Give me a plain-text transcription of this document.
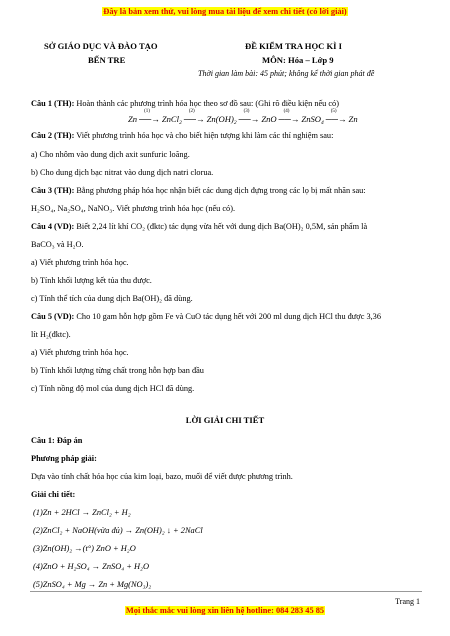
Đây là bản xem thử, vui lòng mua tài liệu để xem chi tiết (có lời giải)
SỞ GIÁO DỤC VÀ ĐÀO TẠO
BẾN TRE
ĐỀ KIỂM TRA HỌC KÌ I
MÔN: Hóa – Lớp 9
Thời gian làm bài: 45 phút; không kể thời gian phát đề
Câu 1 (TH): Hoàn thành các phương trình hóa học theo sơ đồ sau: (Ghi rõ điều kiện nếu có)
Zn ──→
(1)
ZnCl$_2$ ──→
(2)
$Zn(OH)_2$ ──→
(3)
ZnO ──→
(4)
ZnSO$_4$ ──→
(5)
Zn
Câu 2 (TH): Viết phương trình hóa học và cho biết hiện tượng khi làm các thí nghiệm sau:
a) Cho nhôm vào dung dịch axit sunfuric loãng.
b) Cho dung dịch bạc nitrat vào dung dịch natri clorua.
Câu 3 (TH): Bằng phương pháp hóa học nhận biết các dung dịch đựng trong các lọ bị mất nhãn sau:
H₂SO₄, Na₂SO₄, NaNO₃. Viết phương trình hóa học (nếu có).
Câu 4 (VD): Biết 2,24 lít khí CO₂ (đktc) tác dụng vừa hết với dung dịch Ba(OH)₂ 0,5M, sản phẩm là
BaCO₃ và H₂O.
a) Viết phương trình hóa học.
b) Tính khối lượng kết tủa thu được.
c) Tính thể tích của dung dịch Ba(OH)₂ đã dùng.
Câu 5 (VD): Cho 10 gam hỗn hợp gồm Fe và CuO tác dụng hết với 200 ml dung dịch HCl thu được 3,36
lít H₂(đktc).
a) Viết phương trình hóa học.
b) Tính khối lượng từng chất trong hỗn hợp ban đầu
c) Tính nồng độ mol của dung dịch HCl đã dùng.
LỜI GIẢI CHI TIẾT
Câu 1: Đáp án
Phương pháp giải:
Dựa vào tính chất hóa học của kim loại, bazo, muối để viết được phương trình.
Giải chi tiết:
(1)Zn + 2HCl → ZnCl₂ + H₂
(2)ZnCl₂ + NaOH(vừa đủ) → Zn(OH)₂ ↓ + 2NaCl
(3)Zn(OH)₂ →(t°) ZnO + H₂O
(4)ZnO + H₂SO₄ → ZnSO₄ + H₂O
(5)ZnSO₄ + Mg → Zn + Mg(NO₃)₂
Trang 1
Mọi thắc mắc vui lòng xin liên hệ hotline: 084 283 45 85
